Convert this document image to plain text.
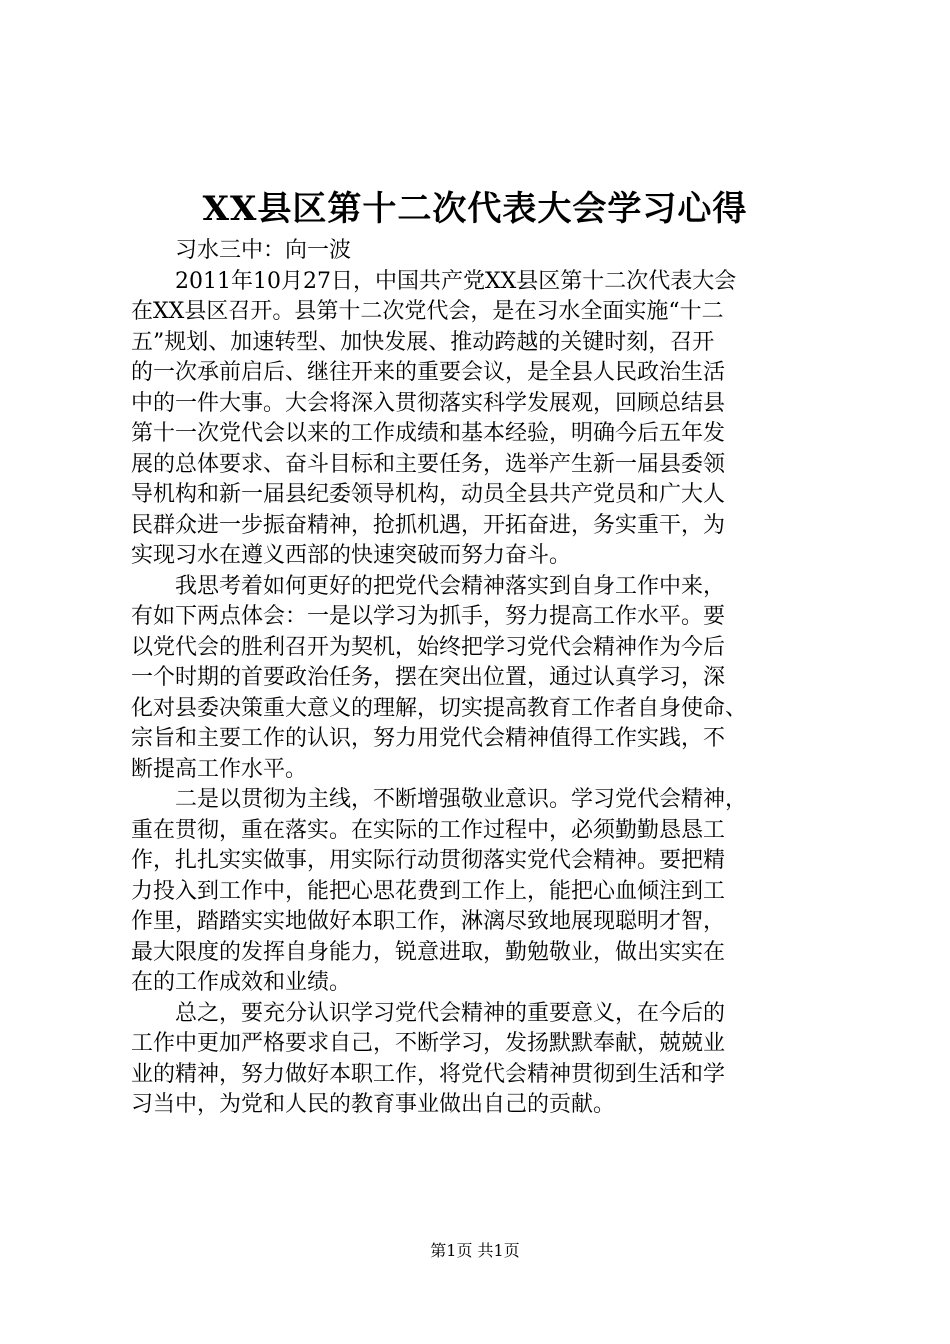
XX县区第十二次代表大会学习心得

习水三中：向一波

2011年10月27日，中国共产党XX县区第十二次代表大会

在XX县区召开。县第十二次党代会，是在习水全面实施“十二

五”规划、加速转型、加快发展、推动跨越的关键时刻，召开

的一次承前启后、继往开来的重要会议，是全县人民政治生活

中的一件大事。大会将深入贯彻落实科学发展观，回顾总结县

第十一次党代会以来的工作成绩和基本经验，明确今后五年发

展的总体要求、奋斗目标和主要任务，选举产生新一届县委领

导机构和新一届县纪委领导机构，动员全县共产党员和广大人

民群众进一步振奋精神，抢抓机遇，开拓奋进，务实重干，为

实现习水在遵义西部的快速突破而努力奋斗。

我思考着如何更好的把党代会精神落实到自身工作中来，

有如下两点体会：一是以学习为抓手，努力提高工作水平。要

以党代会的胜利召开为契机，始终把学习党代会精神作为今后

一个时期的首要政治任务，摆在突出位置，通过认真学习，深

化对县委决策重大意义的理解，切实提高教育工作者自身使命、

宗旨和主要工作的认识，努力用党代会精神值得工作实践，不

断提高工作水平。

二是以贯彻为主线，不断增强敬业意识。学习党代会精神，

重在贯彻，重在落实。在实际的工作过程中，必须勤勤恳恳工

作，扎扎实实做事，用实际行动贯彻落实党代会精神。要把精

力投入到工作中，能把心思花费到工作上，能把心血倾注到工

作里，踏踏实实地做好本职工作，淋漓尽致地展现聪明才智，

最大限度的发挥自身能力，锐意进取，勤勉敬业，做出实实在

在的工作成效和业绩。

总之，要充分认识学习党代会精神的重要意义，在今后的

工作中更加严格要求自己，不断学习，发扬默默奉献，兢兢业

业的精神，努力做好本职工作，将党代会精神贯彻到生活和学

习当中，为党和人民的教育事业做出自己的贡献。

第1页 共1页
